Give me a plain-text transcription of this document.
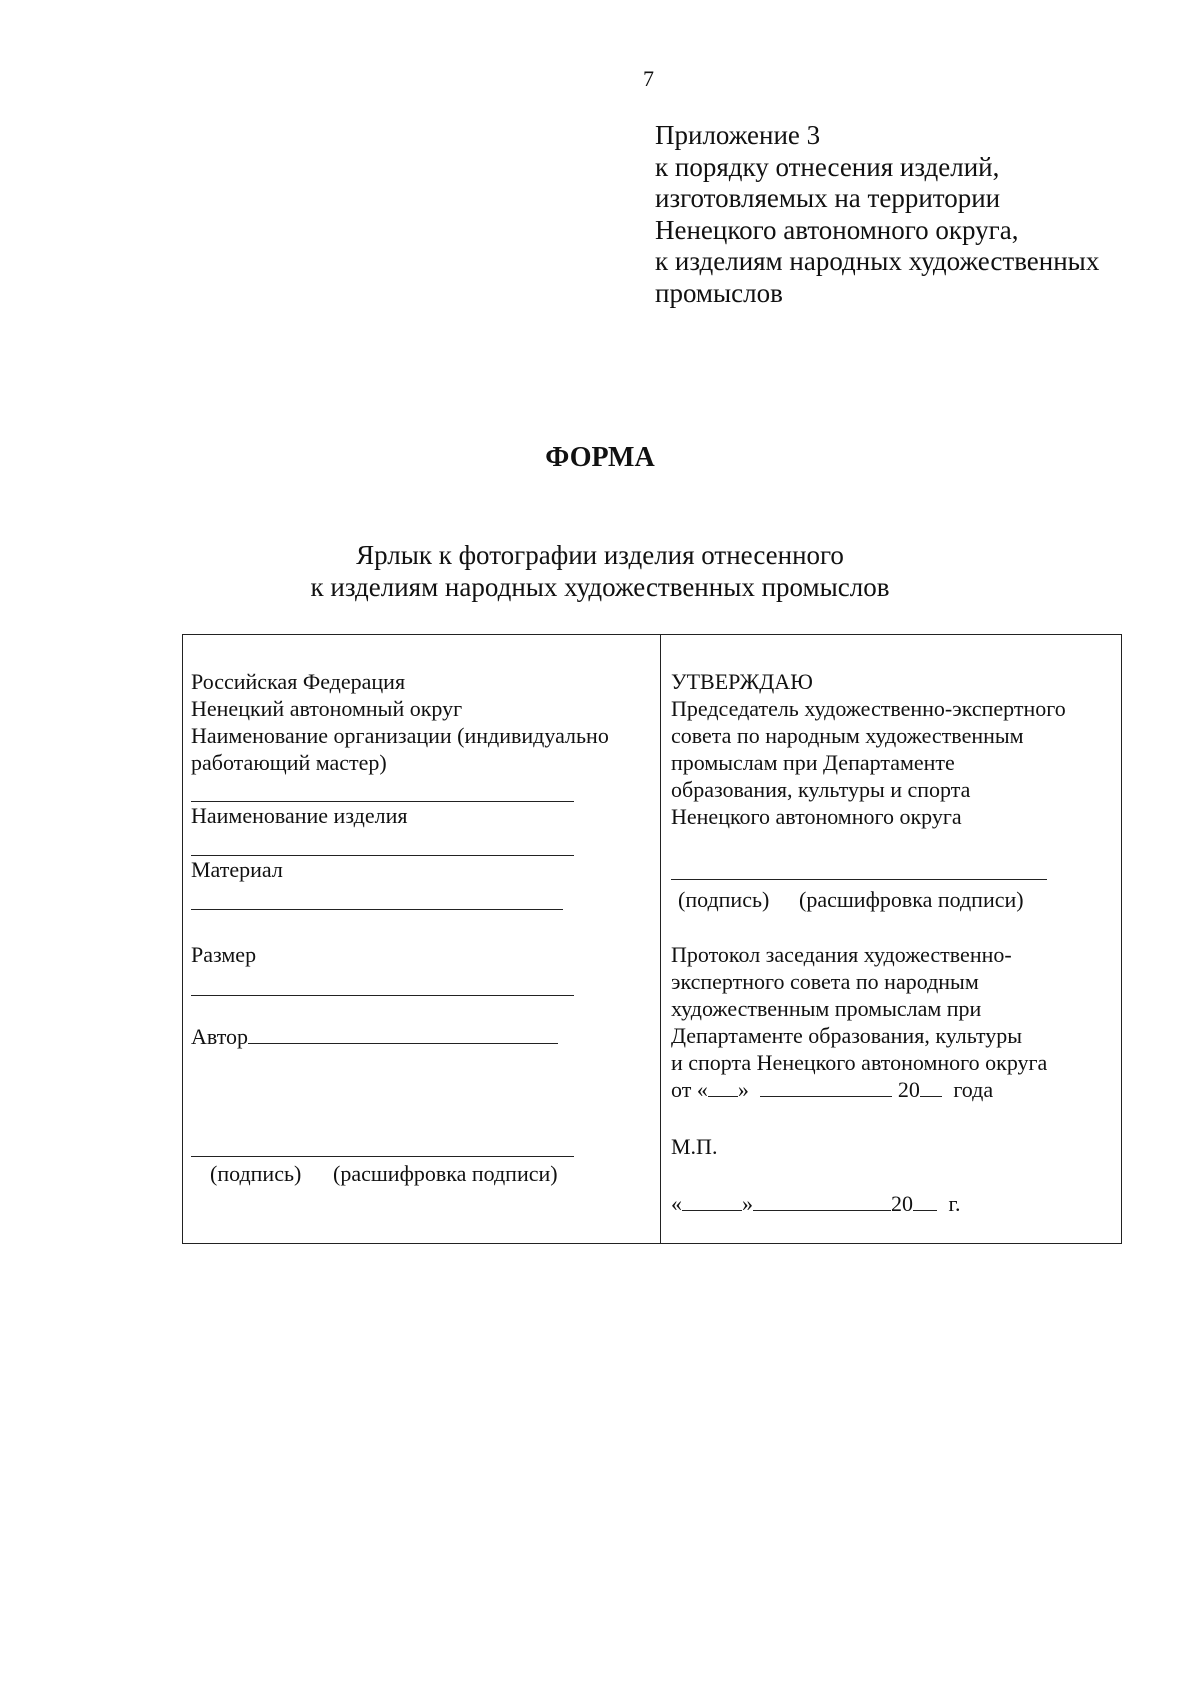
7
Приложение 3
к порядку отнесения изделий,
изготовляемых на территории
Ненецкого автономного округа,
к изделиям народных художественных
промыслов
ФОРМА
Ярлык к фотографии изделия отнесенного
к изделиям народных художественных промыслов
Российская Федерация
Ненецкий автономный округ
Наименование организации (индивидуально
работающий мастер)
Наименование изделия
Материал
Размер
Автор
(подпись) (расшифровка подписи)
УТВЕРЖДАЮ
Председатель художественно-экспертного
совета по народным художественным
промыслам при Департаменте
образования, культуры и спорта
Ненецкого автономного округа
(подпись) (расшифровка подписи)
Протокол заседания художественно-
экспертного совета по народным
художественным промыслам при
Департаменте образования, культуры
и спорта Ненецкого автономного округа
от « »	20 года
М.П.
«	»	20 г.
